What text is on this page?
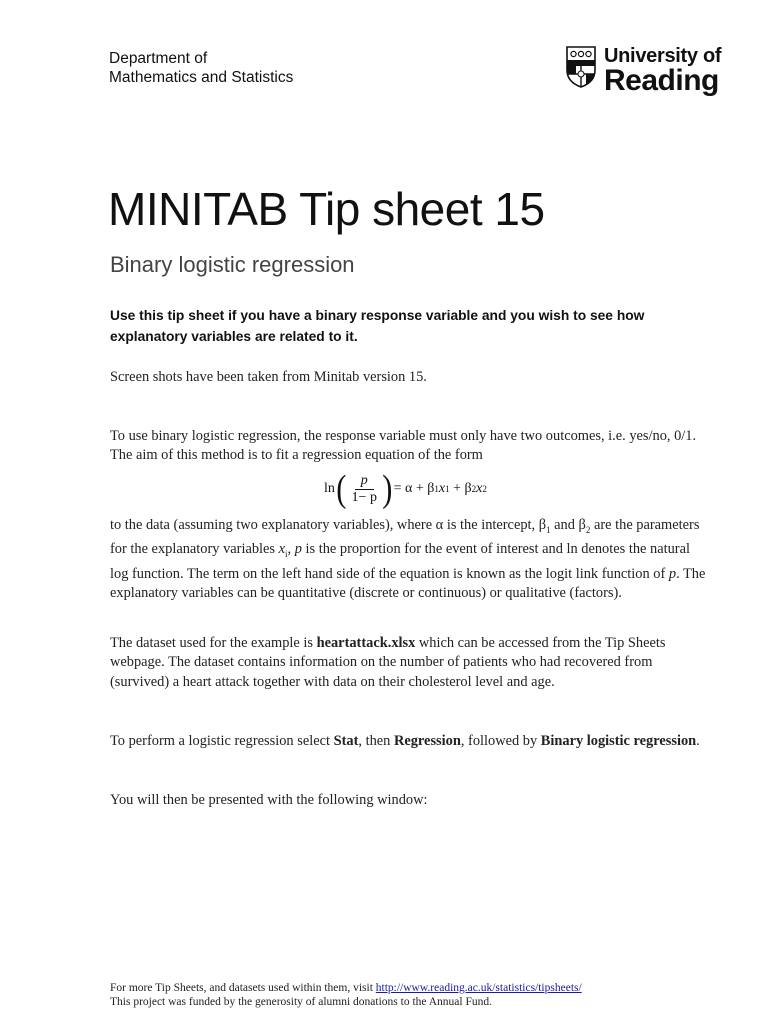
Department of
Mathematics and Statistics
University of
Reading
MINITAB Tip sheet 15
Binary logistic regression
Use this tip sheet if you have a binary response variable and you wish to see how explanatory variables are related to it.
Screen shots have been taken from Minitab version 15.
To use binary logistic regression, the response variable must only have two outcomes, i.e. yes/no, 0/1. The aim of this method is to fit a regression equation of the form
ln ( $\frac{p}{1- p}$ ) = α + β 1 x 1 + β 2 x 2
to the data (assuming two explanatory variables), where α is the intercept, $\beta_1$ and $\beta_2$ are the parameters for the explanatory variables $x_i$, p is the proportion for the event of interest and ln denotes the natural log function. The term on the left hand side of the equation is known as the logit link function of p. The explanatory variables can be quantitative (discrete or continuous) or qualitative (factors).
The dataset used for the example is heartattack.xlsx which can be accessed from the Tip Sheets webpage. The dataset contains information on the number of patients who had recovered from (survived) a heart attack together with data on their cholesterol level and age.
To perform a logistic regression select Stat, then Regression, followed by Binary logistic regression.
You will then be presented with the following window:
For more Tip Sheets, and datasets used within them, visit http://www.reading.ac.uk/statistics/tipsheets/
This project was funded by the generosity of alumni donations to the Annual Fund.
